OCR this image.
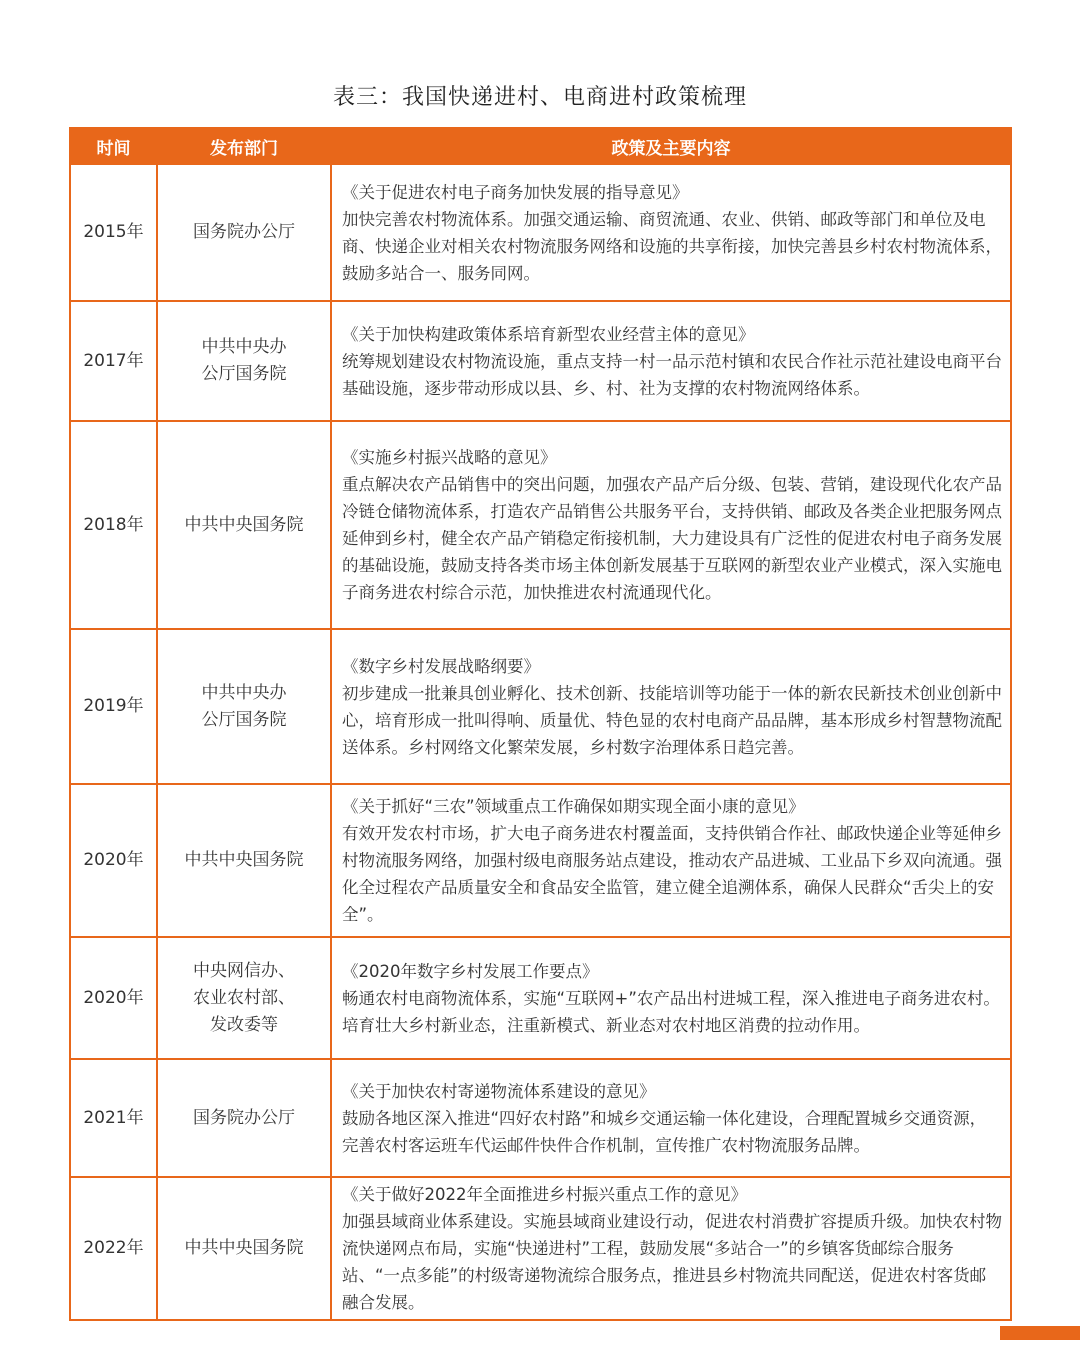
表三：我国快递进村、电商进村政策梳理
时间	发布部门	政策及主要内容
2015年	国务院办公厅	《关于促进农村电子商务加快发展的指导意见》
加快完善农村物流体系。加强交通运输、商贸流通、农业、供销、邮政等部门和单位及电商、快递企业对相关农村物流服务网络和设施的共享衔接，加快完善县乡村农村物流体系，鼓励多站合一、服务同网。

2017年	中共中央办公厅国务院	《关于加快构建政策体系培育新型农业经营主体的意见》
统筹规划建设农村物流设施，重点支持一村一品示范村镇和农民合作社示范社建设电商平台基础设施，逐步带动形成以县、乡、村、社为支撑的农村物流网络体系。

2018年	中共中央国务院	《实施乡村振兴战略的意见》
重点解决农产品销售中的突出问题，加强农产品产后分级、包装、营销，建设现代化农产品冷链仓储物流体系，打造农产品销售公共服务平台，支持供销、邮政及各类企业把服务网点延伸到乡村，健全农产品产销稳定衔接机制，大力建设具有广泛性的促进农村电子商务发展的基础设施，鼓励支持各类市场主体创新发展基于互联网的新型农业产业模式，深入实施电子商务进农村综合示范，加快推进农村流通现代化。

2019年	中共中央办公厅国务院	《数字乡村发展战略纲要》
初步建成一批兼具创业孵化、技术创新、技能培训等功能于一体的新农民新技术创业创新中心，培育形成一批叫得响、质量优、特色显的农村电商产品品牌，基本形成乡村智慧物流配送体系。乡村网络文化繁荣发展，乡村数字治理体系日趋完善。

2020年	中共中央国务院	《关于抓好“三农”领域重点工作确保如期实现全面小康的意见》
有效开发农村市场，扩大电子商务进农村覆盖面，支持供销合作社、邮政快递企业等延伸乡村物流服务网络，加强村级电商服务站点建设，推动农产品进城、工业品下乡双向流通。强化全过程农产品质量安全和食品安全监管，建立健全追溯体系，确保人民群众“舌尖上的安全”。

2020年	中央网信办、农业农村部、发改委等	《2020年数字乡村发展工作要点》
畅通农村电商物流体系，实施“互联网+”农产品出村进城工程，深入推进电子商务进农村。培育壮大乡村新业态，注重新模式、新业态对农村地区消费的拉动作用。

2021年	国务院办公厅	《关于加快农村寄递物流体系建设的意见》
鼓励各地区深入推进“四好农村路”和城乡交通运输一体化建设，合理配置城乡交通资源，完善农村客运班车代运邮件快件合作机制，宣传推广农村物流服务品牌。

2022年	中共中央国务院	《关于做好2022年全面推进乡村振兴重点工作的意见》
加强县域商业体系建设。实施县域商业建设行动，促进农村消费扩容提质升级。加快农村物流快递网点布局，实施“快递进村”工程，鼓励发展“多站合一”的乡镇客货邮综合服务站、“一点多能”的村级寄递物流综合服务点，推进县乡村物流共同配送，促进农村客货邮融合发展。
